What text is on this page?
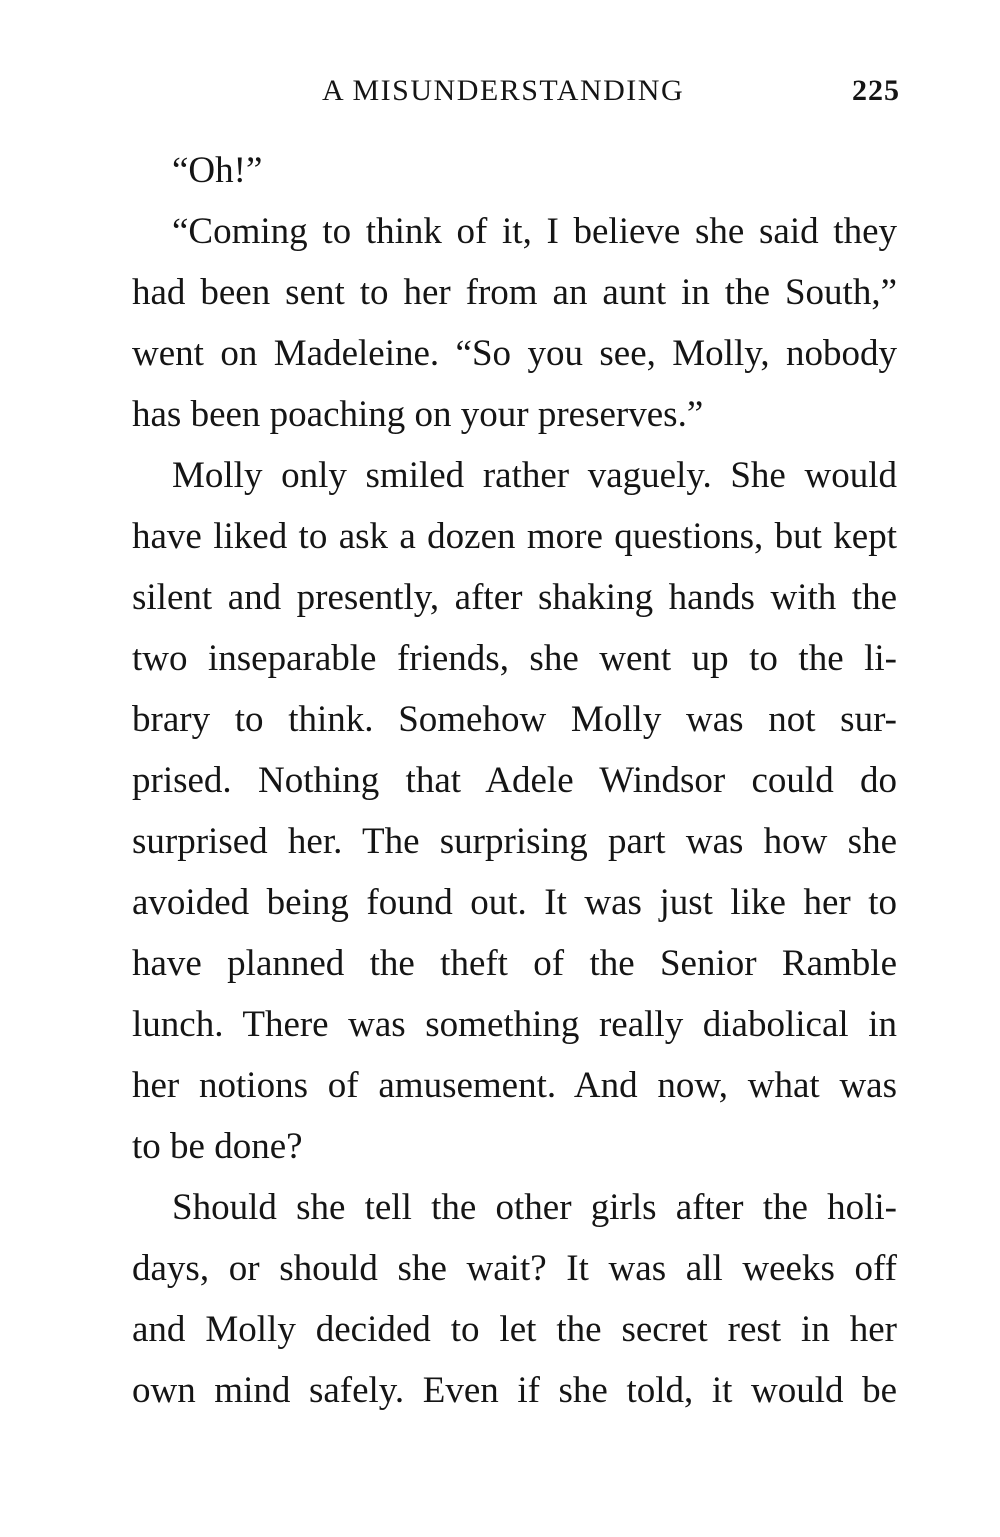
A MISUNDERSTANDING	225
“Oh!”
“Coming to think of it, I believe she said they
had been sent to her from an aunt in the South,”
went on Madeleine. “So you see, Molly, nobody
has been poaching on your preserves.”
Molly only smiled rather vaguely. She would
have liked to ask a dozen more questions, but kept
silent and presently, after shaking hands with the
two inseparable friends, she went up to the li-
brary to think. Somehow Molly was not sur-
prised. Nothing that Adele Windsor could do
surprised her. The surprising part was how she
avoided being found out. It was just like her to
have planned the theft of the Senior Ramble
lunch. There was something really diabolical in
her notions of amusement. And now, what was
to be done?
Should she tell the other girls after the holi-
days, or should she wait? It was all weeks off
and Molly decided to let the secret rest in her
own mind safely. Even if she told, it would be
